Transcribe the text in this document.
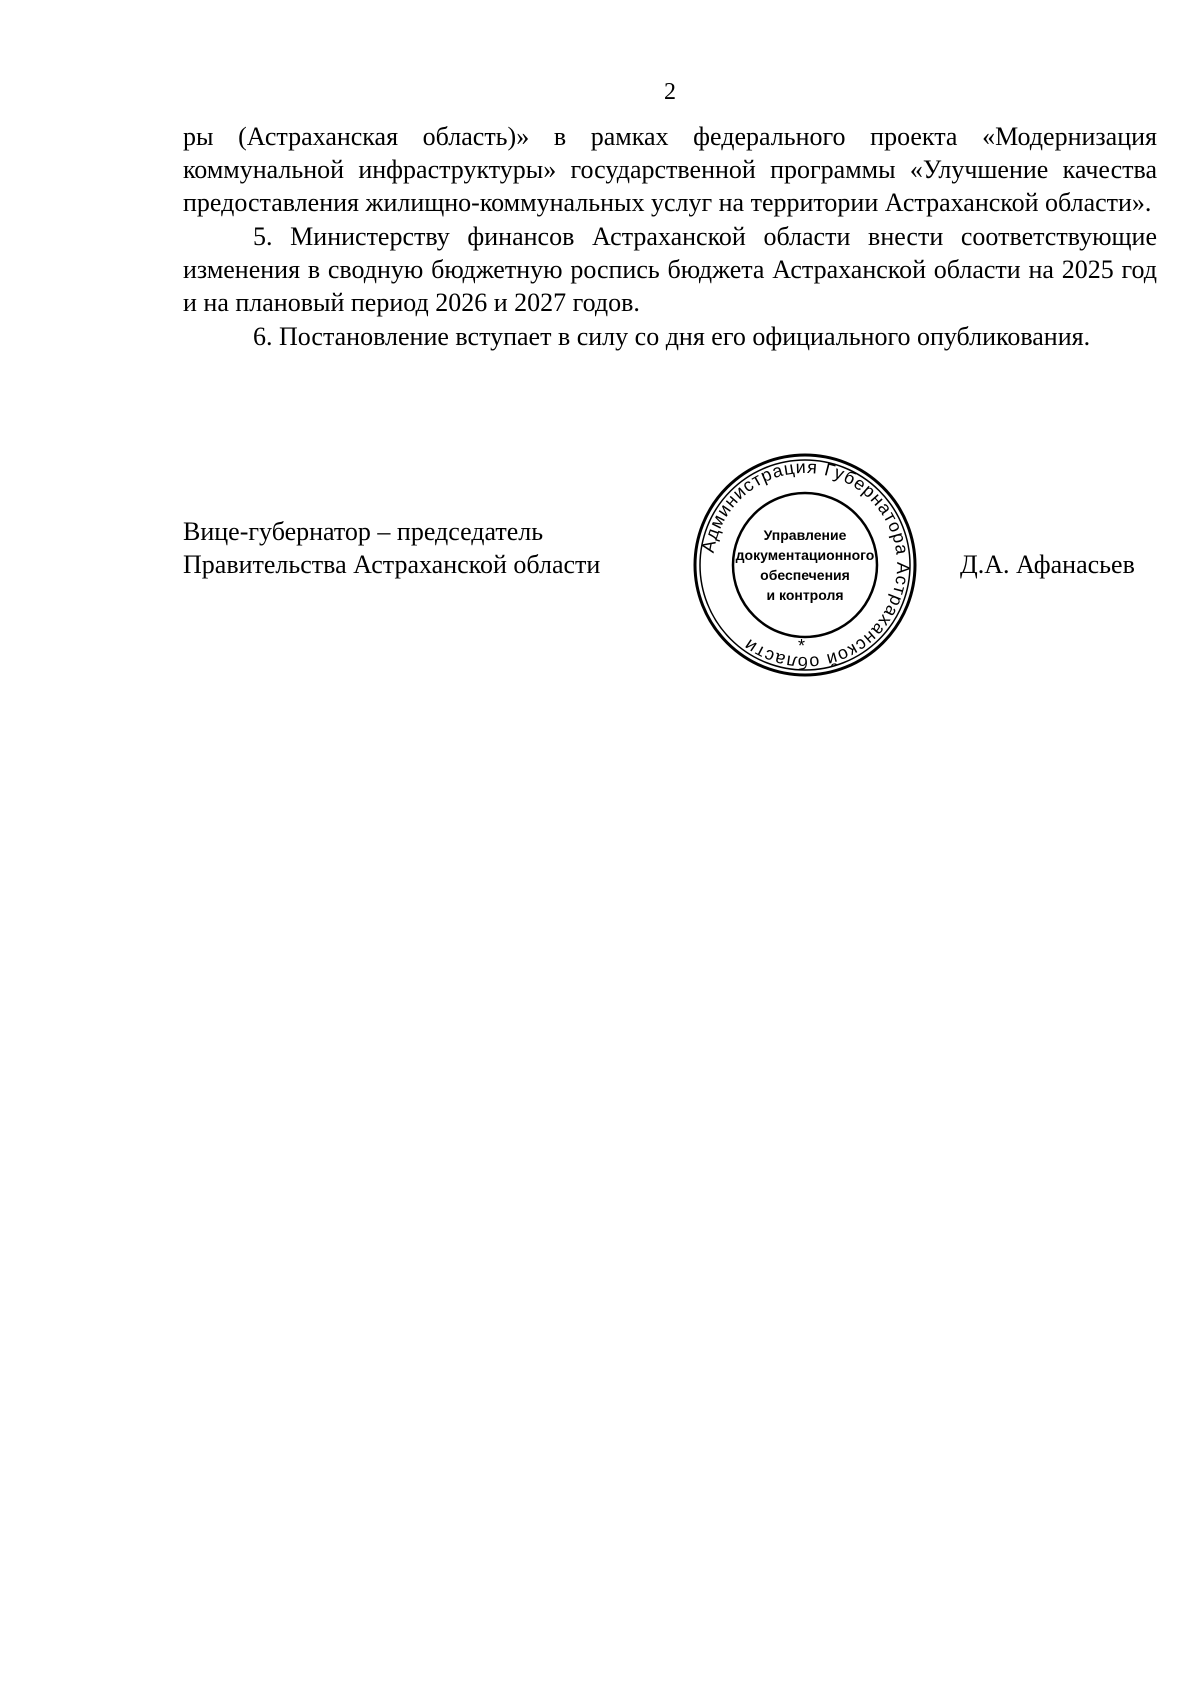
2

ры (Астраханская область)» в рамках федерального проекта «Модернизация коммунальной инфраструктуры» государственной программы «Улучшение качества предоставления жилищно-коммунальных услуг на территории Астраханской области».

5. Министерству финансов Астраханской области внести соответствующие изменения в сводную бюджетную роспись бюджета Астраханской области на 2025 год и на плановый период 2026 и 2027 годов.

6. Постановление вступает в силу со дня его официального опубликования.

Вице-губернатор – председатель
Правительства Астраханской области
Администрация Губернатора Астраханской области	*
Управление
документационного
обеспечения
и контроля
Д.А. Афанасьев
